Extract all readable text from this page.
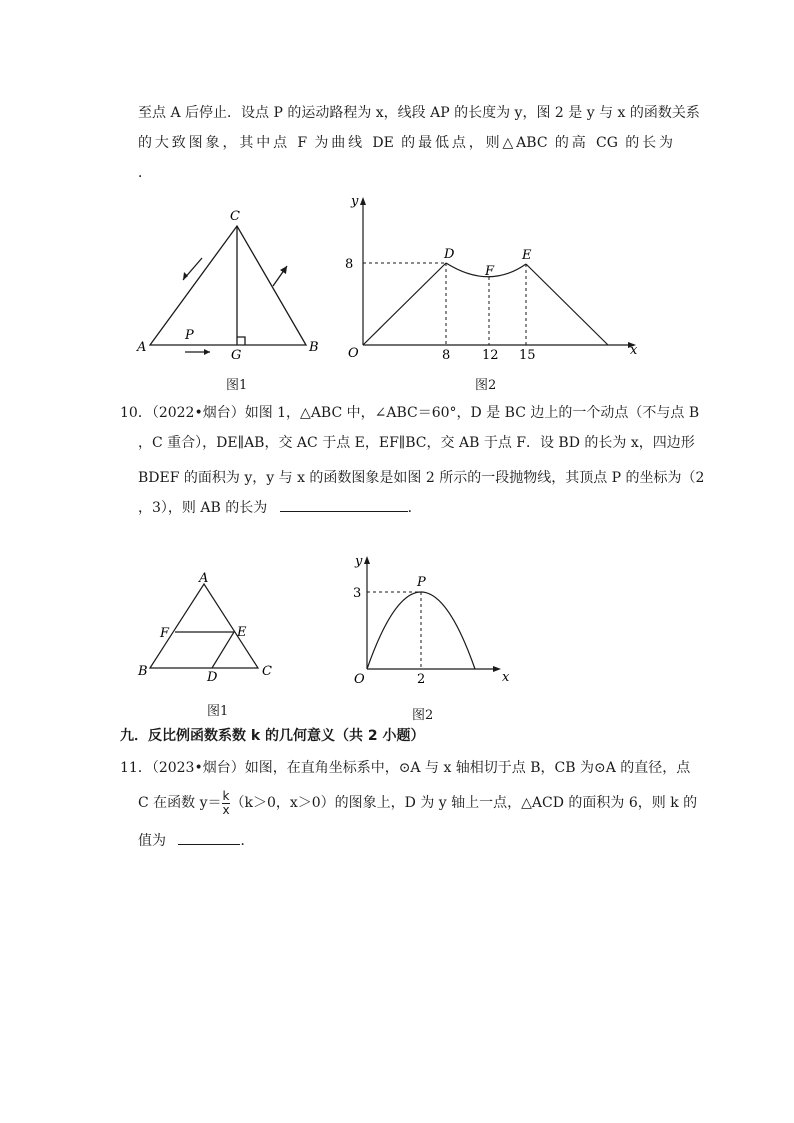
至点 A 后停止．设点 P 的运动路程为 x，线段 AP 的长度为 y，图 2 是 y 与 x 的函数关系
的大致图象，其中点 F 为曲线 DE 的最低点，则△ABC 的高 CG 的长为
．
C
A	B
G
P
图1
y
x
O
8
8 12 15
D
F
E
图2
10．（2022•烟台）如图 1，△ABC 中，∠ABC＝60°，D 是 BC 边上的一个动点（不与点 B
，C 重合），DE∥AB，交 AC 于点 E，EF∥BC，交 AB 于点 F．设 BD 的长为 x，四边形
BDEF 的面积为 y，y 与 x 的函数图象是如图 2 所示的一段抛物线，其顶点 P 的坐标为（2
，3），则 AB 的长为	．
A
B	C
D
E
F
图1
y
x
O
3
2
P
图2
九．反比例函数系数 k 的几何意义（共 2 小题）
11．（2023•烟台）如图，在直角坐标系中，⊙A 与 x 轴相切于点 B，CB 为⊙A 的直径，点
C 在函数 $y= \frac{k}{x} (k>0$，x＞0）的图象上，D 为 y 轴上一点，△ACD 的面积为 6，则 k 的
值为	．
